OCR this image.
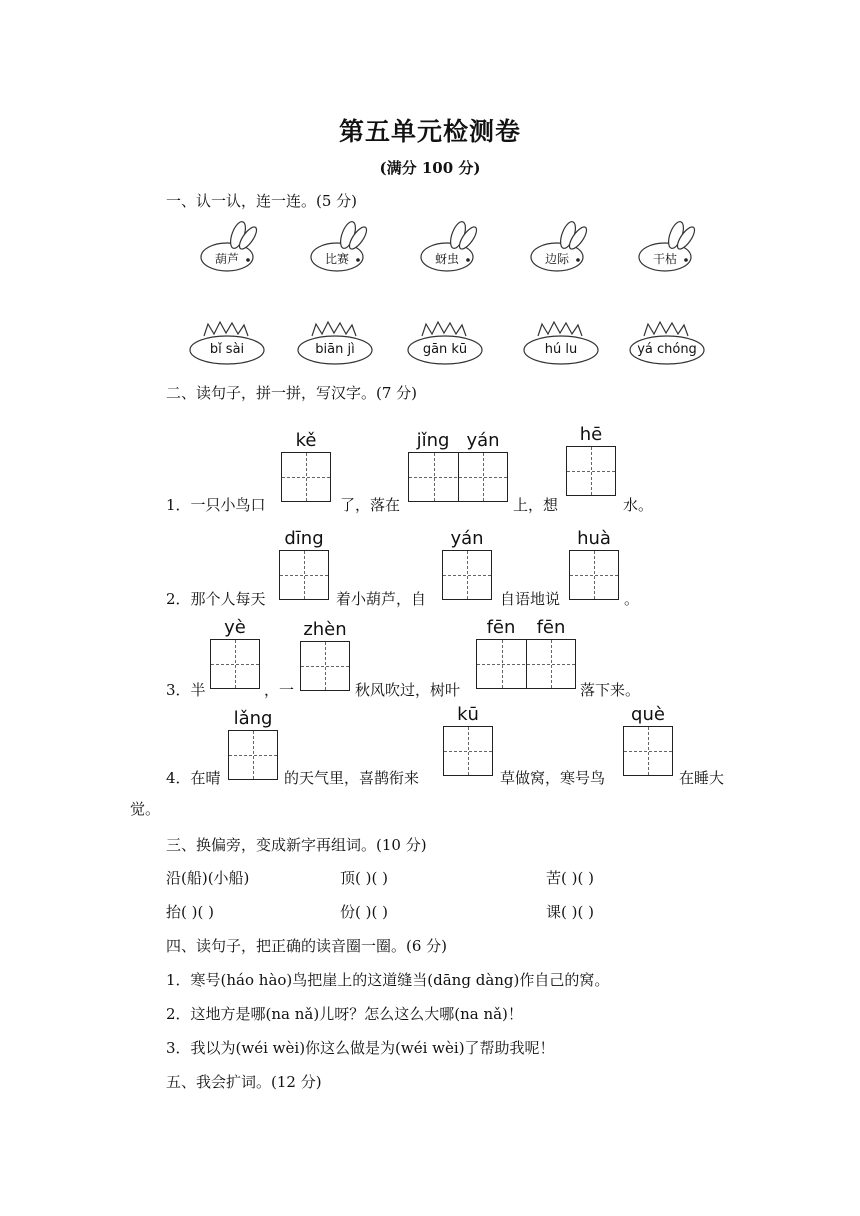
第五单元检测卷
(满分 100 分)
一、认一认，连一连。(5 分)
葫芦	比赛	蚜虫	边际	干枯
bǐ sài	biān jì	gān kū	hú lu	yá chóng
二、读句子，拼一拼，写汉字。(7 分)
kě	jǐng yán	hē
1．一只小鸟口	了，落在	上，想	水。
dīng	yán	huà
2．那个人每天	着小葫芦，自	自语地说	。
yè	zhèn	fēn	fēn
3．半	，一	秋风吹过，树叶	落下来。
lǎng	kū	què
4．在晴	的天气里，喜鹊衔来	草做窝，寒号鸟	在睡大
觉。
三、换偏旁，变成新字再组词。(10 分)
沿(船)(小船)	顶( )( )	苦( )( )
抬( )( )	份( )( )	课( )( )
四、读句子，把正确的读音圈一圈。(6 分)
1．寒号(háo hào)鸟把崖上的这道缝当(dāng dàng)作自己的窝。
2．这地方是哪(na nǎ)儿呀？怎么这么大哪(na nǎ)！
3．我以为(wéi wèi)你这么做是为(wéi wèi)了帮助我呢！
五、我会扩词。(12 分)
